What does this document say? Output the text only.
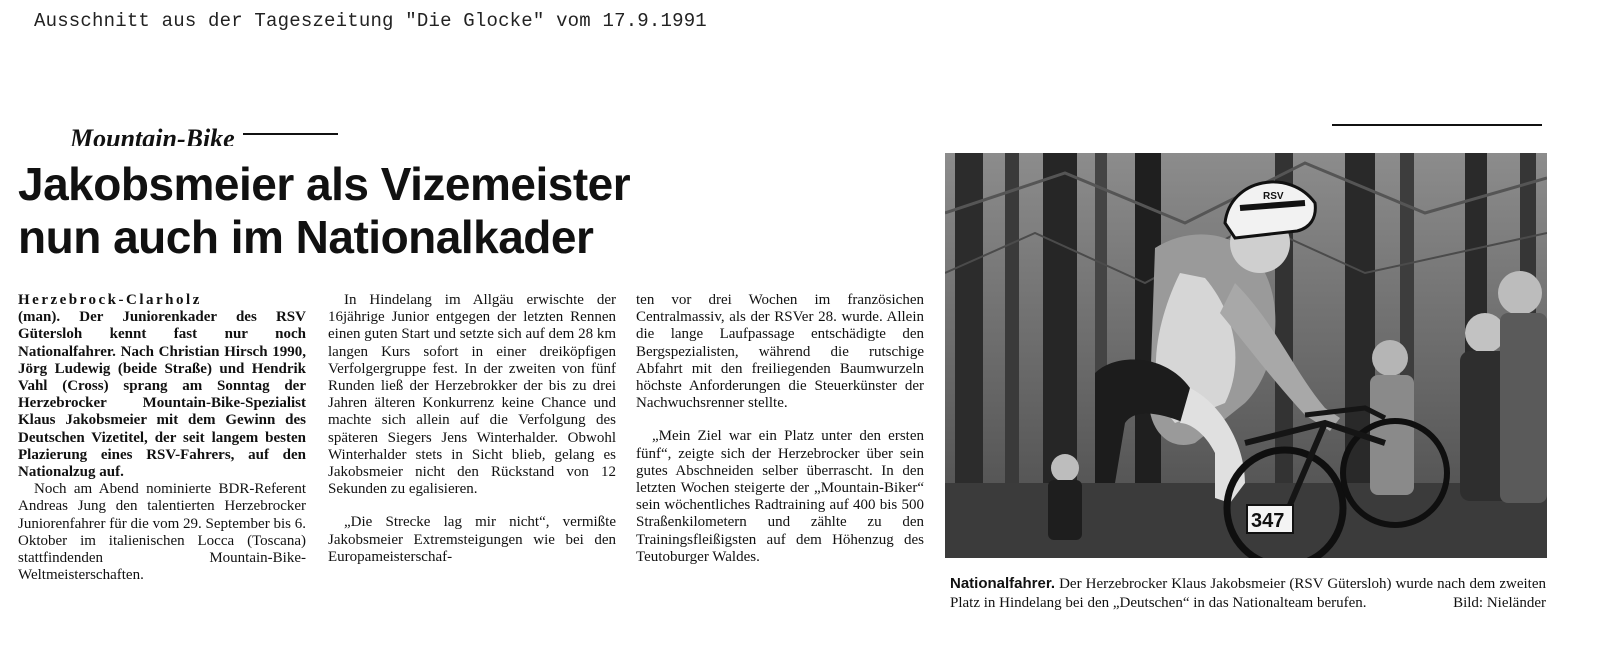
Ausschnitt aus der Tageszeitung "Die Glocke" vom 17.9.1991
Mountain-Bike
Jakobsmeier als Vizemeister
nun auch im Nationalkader
Herzebrock-Clarholz

(man). Der Juniorenkader des RSV Gütersloh kennt fast nur noch Nationalfahrer. Nach Christian Hirsch 1990, Jörg Ludewig (beide Straße) und Hendrik Vahl (Cross) sprang am Sonntag der Herzebrocker Mountain-Bike-Spezialist Klaus Jakobsmeier mit dem Gewinn des Deutschen Vizetitel, der seit langem besten Plazierung eines RSV-Fahrers, auf den Nationalzug auf.

Noch am Abend nominierte BDR-Referent Andreas Jung den talentierten Herzebrocker Juniorenfahrer für die vom 29. September bis 6. Oktober im italienischen Locca (Toscana) stattfindenden Mountain-Bike-Weltmeisterschaften.

In Hindelang im Allgäu erwischte der 16jährige Junior entgegen der letzten Rennen einen guten Start und setzte sich auf dem 28 km langen Kurs sofort in einer dreiköpfigen Verfolgergruppe fest. In der zweiten von fünf Runden ließ der Herzebrokker der bis zu drei Jahren älteren Konkurrenz keine Chance und machte sich allein auf die Verfolgung des späteren Siegers Jens Winterhalder. Obwohl Winterhalder stets in Sicht blieb, gelang es Jakobsmeier nicht den Rückstand von 12 Sekunden zu egalisieren.

„Die Strecke lag mir nicht“, vermißte Jakobsmeier Extremsteigungen wie bei den Europameisterschaf-

ten vor drei Wochen im französichen Centralmassiv, als der RSVer 28. wurde. Allein die lange Laufpassage entschädigte den Bergspezialisten, während die rutschige Abfahrt mit den freiliegenden Baumwurzeln höchste Anforderungen die Steuerkünster der Nachwuchsrenner stellte.

„Mein Ziel war ein Platz unter den ersten fünf“, zeigte sich der Herzebrocker über sein gutes Abschneiden selber überrascht. In den letzten Wochen steigerte der „Mountain-Biker“ sein wöchentliches Radtraining auf 400 bis 500 Straßenkilometern und zählte zu den Trainingsfleißigsten auf dem Höhenzug des Teutoburger Waldes.

RSV
347
Nationalfahrer. Der Herzebrocker Klaus Jakobsmeier (RSV Gütersloh) wurde nach dem zweiten Platz in Hindelang bei den „Deutschen“ in das Nationalteam berufen.	Bild: Nieländer
